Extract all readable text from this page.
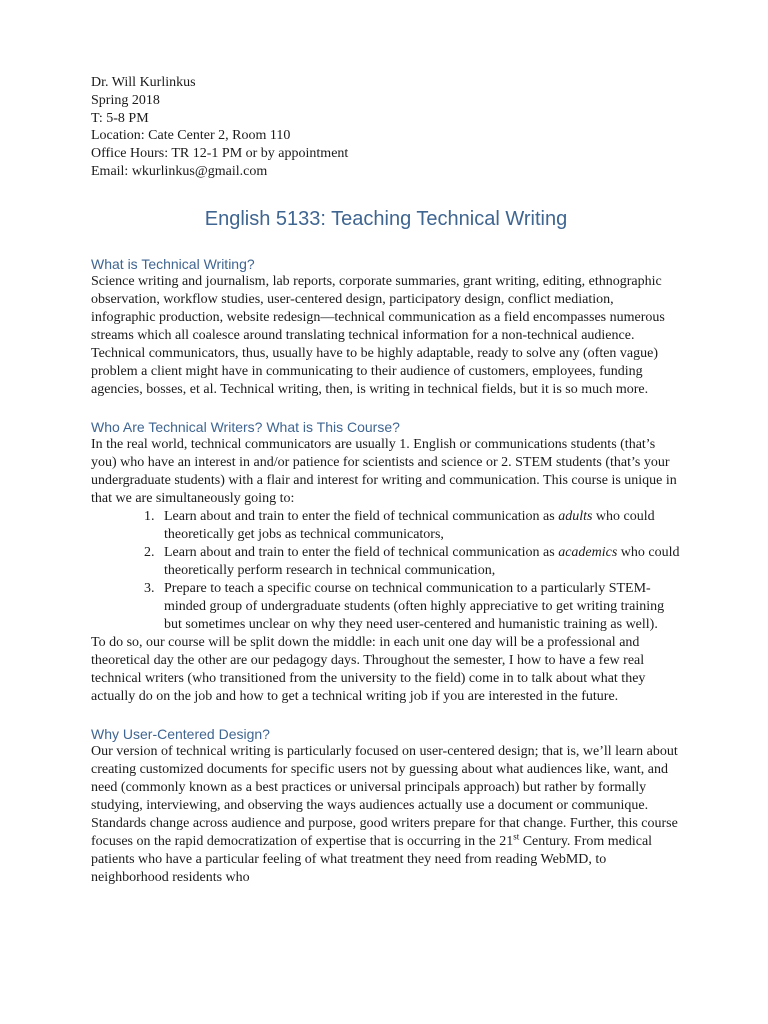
Dr. Will Kurlinkus
Spring 2018
T: 5-8 PM
Location: Cate Center 2, Room 110
Office Hours: TR 12-1 PM or by appointment
Email: wkurlinkus@gmail.com
English 5133: Teaching Technical Writing
What is Technical Writing?

Science writing and journalism, lab reports, corporate summaries, grant writing, editing, ethnographic observation, workflow studies, user-centered design, participatory design, conflict mediation, infographic production, website redesign—technical communication as a field encompasses numerous streams which all coalesce around translating technical information for a non-technical audience. Technical communicators, thus, usually have to be highly adaptable, ready to solve any (often vague) problem a client might have in communicating to their audience of customers, employees, funding agencies, bosses, et al. Technical writing, then, is writing in technical fields, but it is so much more.

Who Are Technical Writers? What is This Course?

In the real world, technical communicators are usually 1. English or communications students (that’s you) who have an interest in and/or patience for scientists and science or 2. STEM students (that’s your undergraduate students) with a flair and interest for writing and communication. This course is unique in that we are simultaneously going to:

1. Learn about and train to enter the field of technical communication as adults who could theoretically get jobs as technical communicators,
2. Learn about and train to enter the field of technical communication as academics who could theoretically perform research in technical communication,
3. Prepare to teach a specific course on technical communication to a particularly STEM-minded group of undergraduate students (often highly appreciative to get writing training but sometimes unclear on why they need user-centered and humanistic training as well).

To do so, our course will be split down the middle: in each unit one day will be a professional and theoretical day the other are our pedagogy days. Throughout the semester, I how to have a few real technical writers (who transitioned from the university to the field) come in to talk about what they actually do on the job and how to get a technical writing job if you are interested in the future.

Why User-Centered Design?

Our version of technical writing is particularly focused on user-centered design; that is, we’ll learn about creating customized documents for specific users not by guessing about what audiences like, want, and need (commonly known as a best practices or universal principals approach) but rather by formally studying, interviewing, and observing the ways audiences actually use a document or communique. Standards change across audience and purpose, good writers prepare for that change. Further, this course focuses on the rapid democratization of expertise that is occurring in the 21st Century. From medical patients who have a particular feeling of what treatment they need from reading WebMD, to neighborhood residents who
